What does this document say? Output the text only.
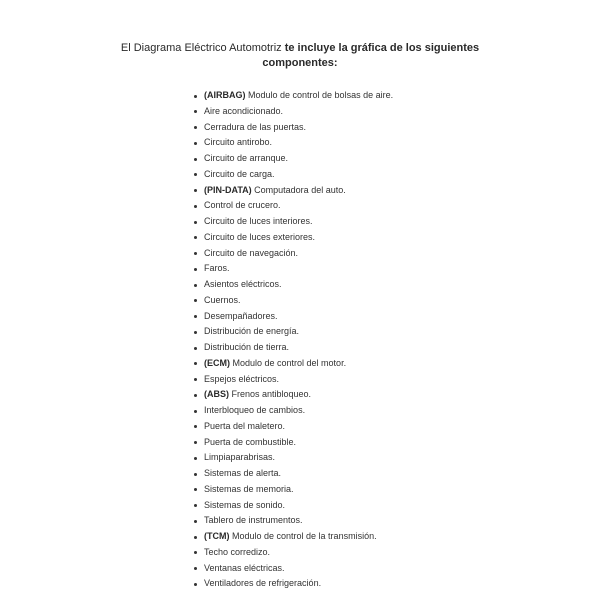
El Diagrama Eléctrico Automotriz te incluye la gráfica de los siguientes
componentes:
(AIRBAG) Modulo de control de bolsas de aire.
Aire acondicionado.
Cerradura de las puertas.
Circuito antirobo.
Circuito de arranque.
Circuito de carga.
(PIN-DATA) Computadora del auto.
Control de crucero.
Circuito de luces interiores.
Circuito de luces exteriores.
Circuito de navegación.
Faros.
Asientos eléctricos.
Cuernos.
Desempañadores.
Distribución de energía.
Distribución de tierra.
(ECM) Modulo de control del motor.
Espejos eléctricos.
(ABS) Frenos antibloqueo.
Interbloqueo de cambios.
Puerta del maletero.
Puerta de combustible.
Limpiaparabrisas.
Sistemas de alerta.
Sistemas de memoria.
Sistemas de sonido.
Tablero de instrumentos.
(TCM) Modulo de control de la transmisión.
Techo corredizo.
Ventanas eléctricas.
Ventiladores de refrigeración.
